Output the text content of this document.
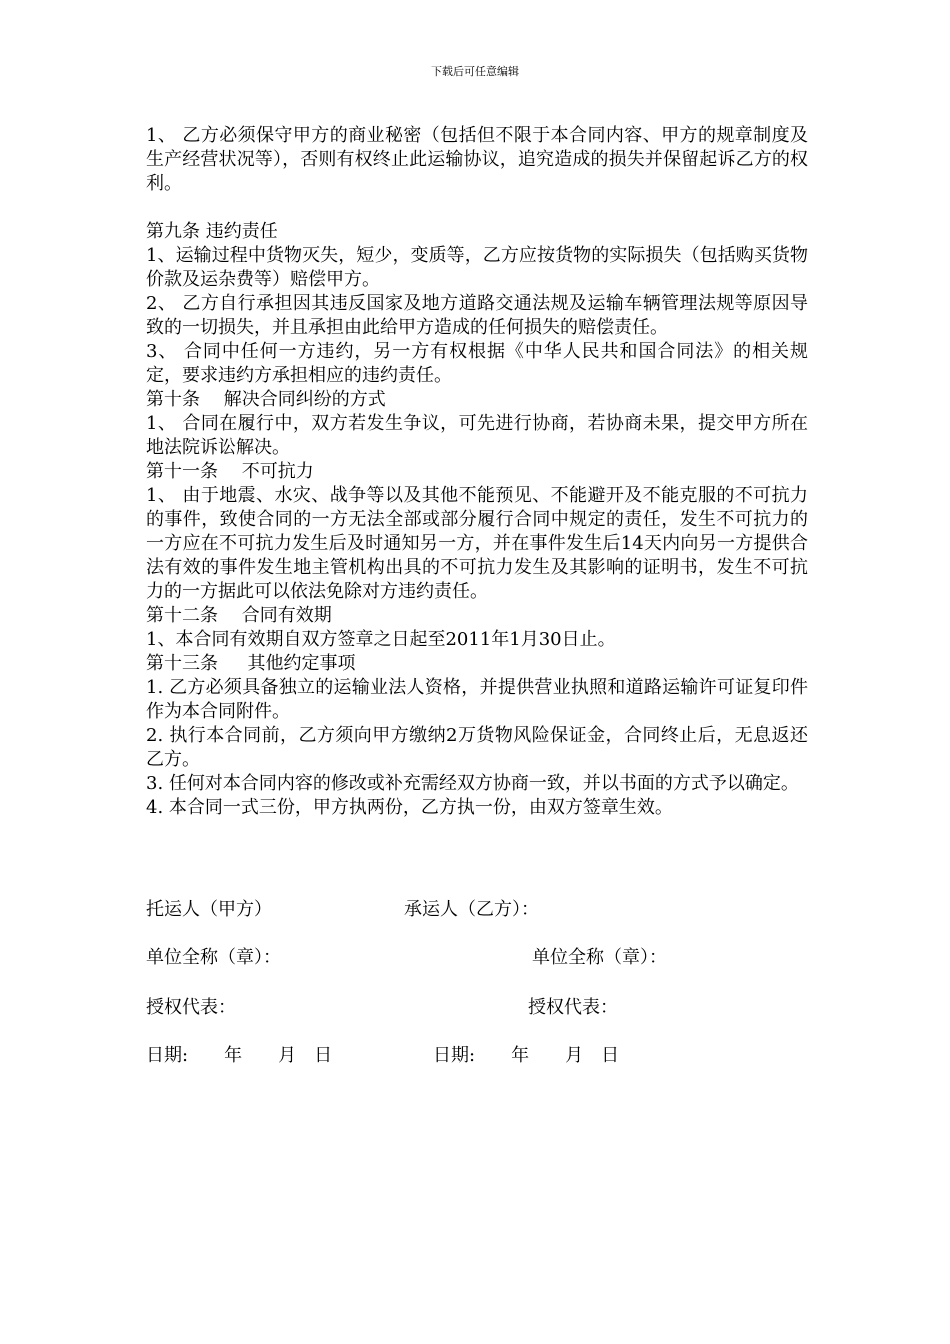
下载后可任意编辑

1、 乙方必须保守甲方的商业秘密（包括但不限于本合同内容、甲方的规章制度及生产经营状况等），否则有权终止此运输协议，追究造成的损失并保留起诉乙方的权利。

第九条 违约责任

1、运输过程中货物灭失，短少，变质等，乙方应按货物的实际损失（包括购买货物价款及运杂费等）赔偿甲方。

2、 乙方自行承担因其违反国家及地方道路交通法规及运输车辆管理法规等原因导致的一切损失，并且承担由此给甲方造成的任何损失的赔偿责任。

3、 合同中任何一方违约，另一方有权根据《中华人民共和国合同法》的相关规定，要求违约方承担相应的违约责任。

第十条 　解决合同纠纷的方式

1、 合同在履行中，双方若发生争议，可先进行协商，若协商未果，提交甲方所在地法院诉讼解决。

第十一条 　不可抗力

1、 由于地震、水灾、战争等以及其他不能预见、不能避开及不能克服的不可抗力的事件，致使合同的一方无法全部或部分履行合同中规定的责任，发生不可抗力的一方应在不可抗力发生后及时通知另一方，并在事件发生后14天内向另一方提供合法有效的事件发生地主管机构出具的不可抗力发生及其影响的证明书，发生不可抗力的一方据此可以依法免除对方违约责任。

第十二条 　合同有效期

1、本合同有效期自双方签章之日起至2011年1月30日止。

第十三条 　 其他约定事项

1. 乙方必须具备独立的运输业法人资格，并提供营业执照和道路运输许可证复印件作为本合同附件。

2. 执行本合同前，乙方须向甲方缴纳2万货物风险保证金，合同终止后，无息返还乙方。

3. 任何对本合同内容的修改或补充需经双方协商一致，并以书面的方式予以确定。

4. 本合同一式三份，甲方执两份，乙方执一份，由双方签章生效。

托运人（甲方）	承运人（乙方）：
单位全称（章）：	单位全称（章）：
授权代表：	授权代表：
日期:　　年　　月　日	日期:　　年　　月　日
